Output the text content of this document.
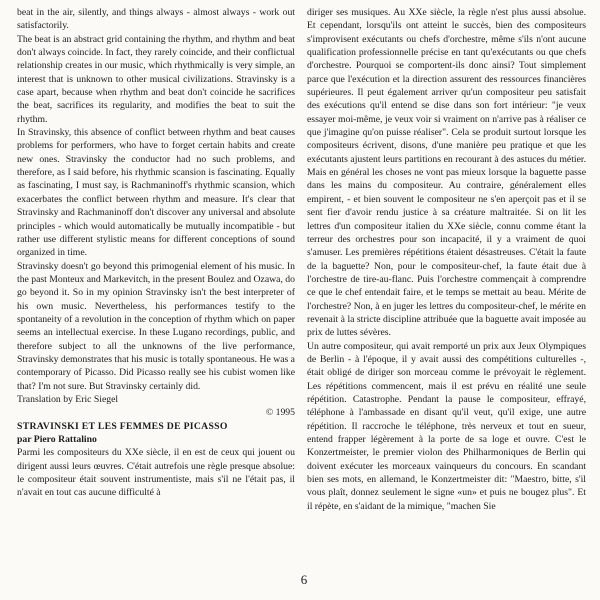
beat in the air, silently, and things always - almost always - work out satisfactorily.

The beat is an abstract grid containing the rhythm, and rhythm and beat don't always coincide. In fact, they rarely coincide, and their conflictual relationship creates in our music, which rhythmically is very simple, an interest that is unknown to other musical civilizations. Stravinsky is a case apart, because when rhythm and beat don't coincide he sacrifices the beat, sacrifices its regularity, and modifies the beat to suit the rhythm.

In Stravinsky, this absence of conflict between rhythm and beat causes problems for performers, who have to forget certain habits and create new ones. Stravinsky the conductor had no such problems, and therefore, as I said before, his rhythmic scansion is fascinating. Equally as fascinating, I must say, is Rachmaninoff's rhythmic scansion, which exacerbates the conflict between rhythm and measure. It's clear that Stravinsky and Rachmaninoff don't discover any universal and absolute principles - which would automatically be mutually incompatible - but rather use different stylistic means for different conceptions of sound organized in time.

Stravinsky doesn't go beyond this primogenial element of his music. In the past Monteux and Markevitch, in the present Boulez and Ozawa, do go beyond it. So in my opinion Stravinsky isn't the best interpreter of his own music. Nevertheless, his performances testify to the spontaneity of a revolution in the conception of rhythm which on paper seems an intellectual exercise. In these Lugano recordings, public, and therefore subject to all the unknowns of the live performance, Stravinsky demonstrates that his music is totally spontaneous. He was a contemporary of Picasso. Did Picasso really see his cubist women like that? I'm not sure. But Stravinsky certainly did.

Translation by Eric Siegel

© 1995

STRAVINSKI ET LES FEMMES DE PICASSO

par Piero Rattalino

Parmi les compositeurs du XXe siècle, il en est de ceux qui jouent ou dirigent aussi leurs œuvres. C'était autrefois une règle presque absolue: le compositeur était souvent instrumentiste, mais s'il ne l'était pas, il n'avait en tout cas aucune difficulté à

diriger ses musiques. Au XXe siècle, la règle n'est plus aussi absolue. Et cependant, lorsqu'ils ont atteint le succès, bien des compositeurs s'improvisent exécutants ou chefs d'orchestre, même s'ils n'ont aucune qualification professionnelle précise en tant qu'exécutants ou que chefs d'orchestre. Pourquoi se comportent-ils donc ainsi? Tout simplement parce que l'exécution et la direction assurent des ressources financières supérieures. Il peut également arriver qu'un compositeur peu satisfait des exécutions qu'il entend se dise dans son fort intérieur: "je veux essayer moi-même, je veux voir si vraiment on n'arrive pas à réaliser ce que j'imagine qu'on puisse réaliser". Cela se produit surtout lorsque les compositeurs écrivent, disons, d'une manière peu pratique et que les exécutants ajustent leurs partitions en recourant à des astuces du métier. Mais en général les choses ne vont pas mieux lorsque la baguette passe dans les mains du compositeur. Au contraire, généralement elles empirent, - et bien souvent le compositeur ne s'en aperçoit pas et il se sent fier d'avoir rendu justice à sa créature maltraitée. Si on lit les lettres d'un compositeur italien du XXe siècle, connu comme étant la terreur des orchestres pour son incapacité, il y a vraiment de quoi s'amuser. Les premières répétitions étaient désastreuses. C'était la faute de la baguette? Non, pour le compositeur-chef, la faute était due à l'orchestre de tire-au-flanc. Puis l'orchestre commençait à comprendre ce que le chef entendait faire, et le temps se mettait au beau. Mérite de l'orchestre? Non, à en juger les lettres du compositeur-chef, le mérite en revenait à la stricte discipline attribuée que la baguette avait imposée au prix de luttes sévères.

Un autre compositeur, qui avait remporté un prix aux Jeux Olympiques de Berlin - à l'époque, il y avait aussi des compétitions culturelles -, était obligé de diriger son morceau comme le prévoyait le règlement. Les répétitions commencent, mais il est prévu en réalité une seule répétition. Catastrophe. Pendant la pause le compositeur, effrayé, téléphone à l'ambassade en disant qu'il veut, qu'il exige, une autre répétition. Il raccroche le téléphone, très nerveux et tout en sueur, entend frapper légèrement à la porte de sa loge et ouvre. C'est le Konzertmeister, le premier violon des Philharmoniques de Berlin qui doivent exécuter les morceaux vainqueurs du concours. En scandant bien ses mots, en allemand, le Konzertmeister dit: "Maestro, bitte, s'il vous plaît, donnez seulement le signe «un» et puis ne bougez plus". Et il répète, en s'aidant de la mimique, "machen Sie

6
